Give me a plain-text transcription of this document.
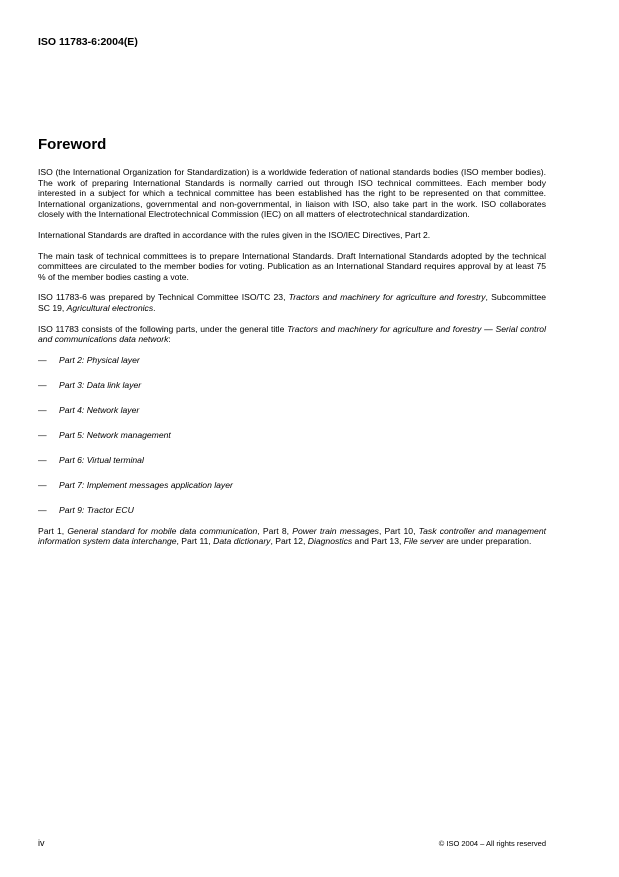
ISO 11783-6:2004(E)
Foreword

ISO (the International Organization for Standardization) is a worldwide federation of national standards bodies (ISO member bodies). The work of preparing International Standards is normally carried out through ISO technical committees. Each member body interested in a subject for which a technical committee has been established has the right to be represented on that committee. International organizations, governmental and non-governmental, in liaison with ISO, also take part in the work. ISO collaborates closely with the International Electrotechnical Commission (IEC) on all matters of electrotechnical standardization.

International Standards are drafted in accordance with the rules given in the ISO/IEC Directives, Part 2.

The main task of technical committees is to prepare International Standards. Draft International Standards adopted by the technical committees are circulated to the member bodies for voting. Publication as an International Standard requires approval by at least 75 % of the member bodies casting a vote.

ISO 11783-6 was prepared by Technical Committee ISO/TC 23, Tractors and machinery for agriculture and forestry, Subcommittee SC 19, Agricultural electronics.

ISO 11783 consists of the following parts, under the general title Tractors and machinery for agriculture and forestry — Serial control and communications data network:

— Part 2: Physical layer
— Part 3: Data link layer
— Part 4: Network layer
— Part 5: Network management
— Part 6: Virtual terminal
— Part 7: Implement messages application layer
— Part 9: Tractor ECU

Part 1, General standard for mobile data communication, Part 8, Power train messages, Part 10, Task controller and management information system data interchange, Part 11, Data dictionary, Part 12, Diagnostics and Part 13, File server are under preparation.

iv	© ISO 2004 – All rights reserved
